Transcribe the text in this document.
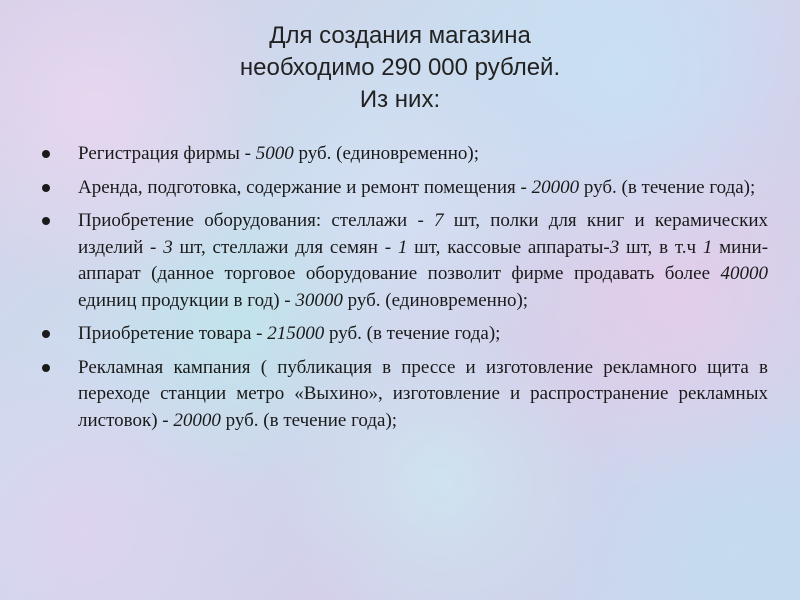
Для создания магазина
необходимо 290 000 рублей.
Из них:
Регистрация фирмы - 5000 руб. (единовременно);
Аренда, подготовка, содержание и ремонт помещения - 20000 руб. (в течение года);
Приобретение оборудования: стеллажи - 7 шт, полки для книг и керамических изделий - 3 шт, стеллажи для семян - 1 шт, кассовые аппараты-3 шт, в т.ч 1 мини-аппарат (данное торговое оборудование позволит фирме продавать более 40000 единиц продукции в год) - 30000 руб. (единовременно);
Приобретение товара - 215000 руб. (в течение года);
Рекламная кампания ( публикация в прессе и изготовление рекламного щита в переходе станции метро «Выхино», изготовление и распространение рекламных листовок) - 20000 руб. (в течение года);
